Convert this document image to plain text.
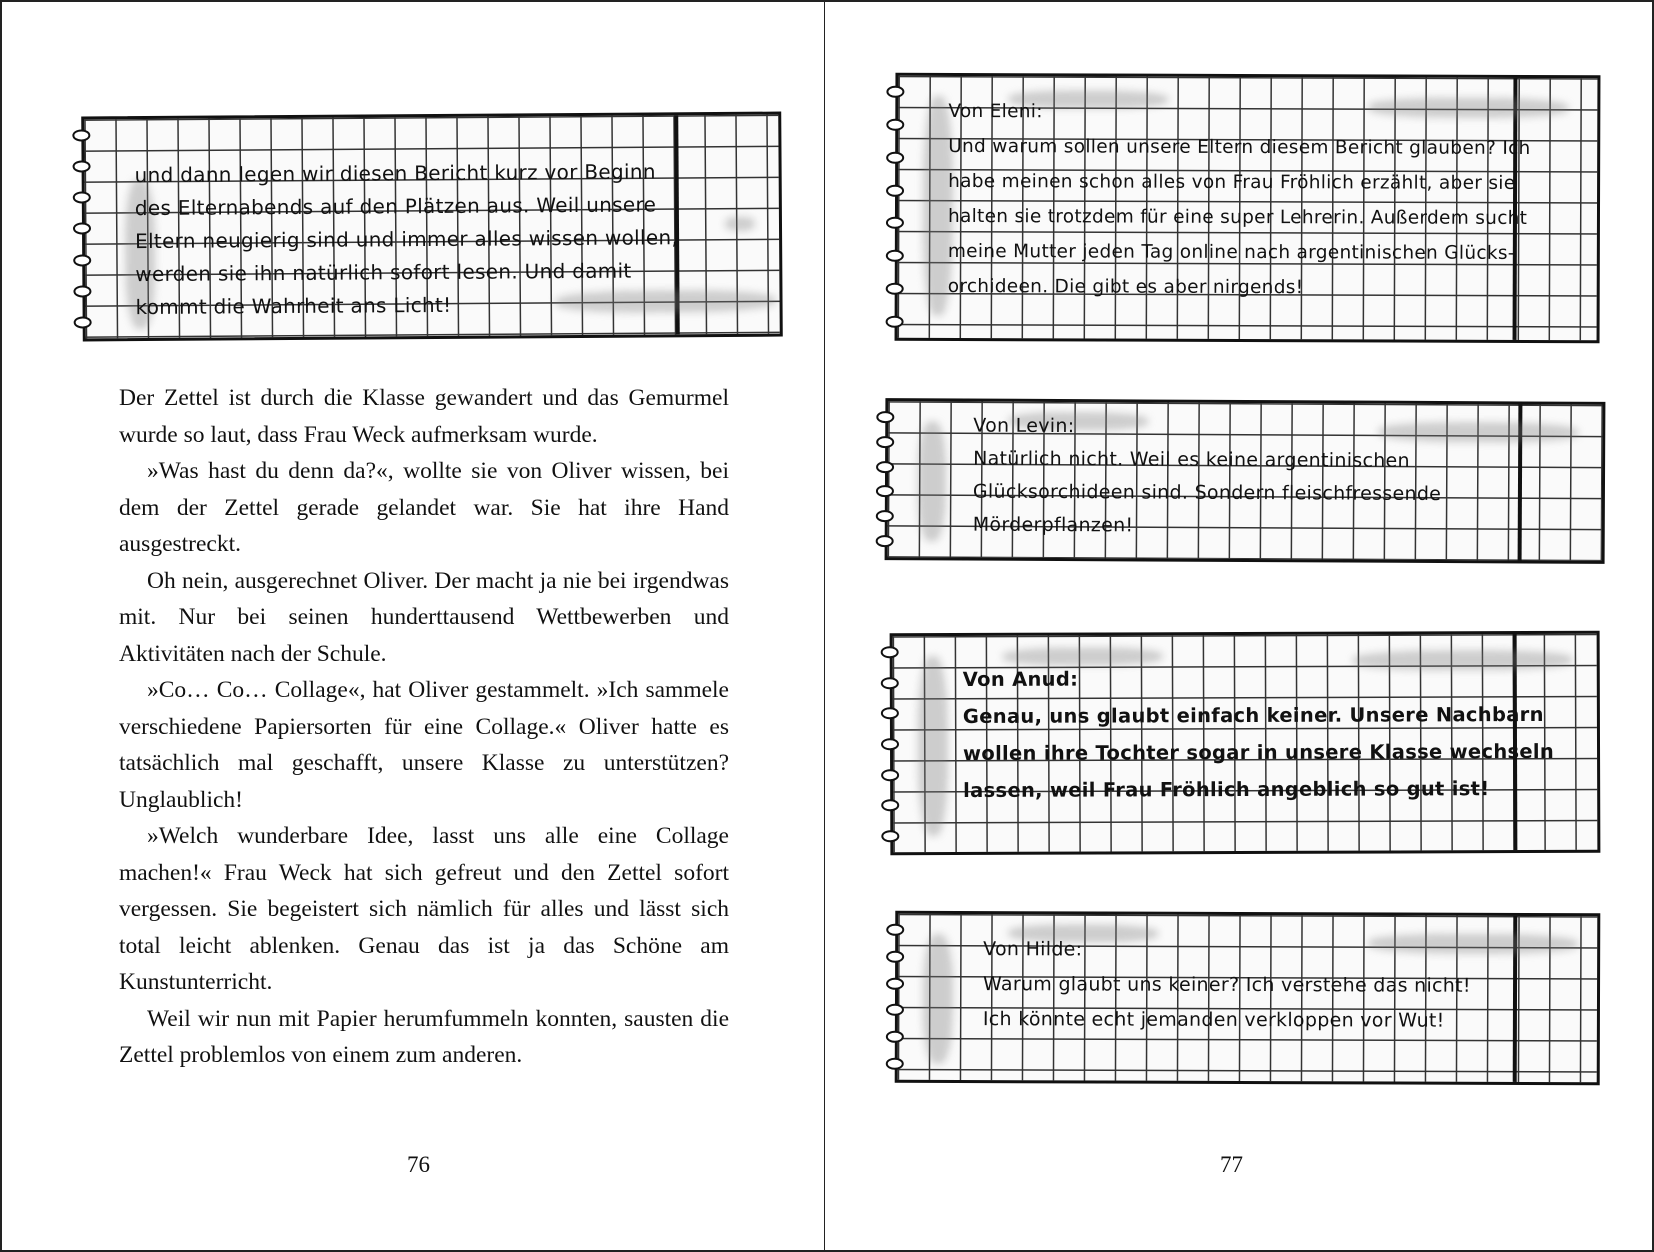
und dann legen wir diesen Bericht kurz vor Beginn
des Elternabends auf den Plätzen aus. Weil unsere
Eltern neugierig sind und immer alles wissen wollen,
werden sie ihn natürlich sofort lesen. Und damit
kommt die Wahrheit ans Licht!

Der Zettel ist durch die Klasse gewandert und das Gemurmel wurde so laut, dass Frau Weck aufmerksam wurde.

»Was hast du denn da?«, wollte sie von Oliver wissen, bei dem der Zettel gerade gelandet war. Sie hat ihre Hand ausgestreckt.

Oh nein, ausgerechnet Oliver. Der macht ja nie bei irgendwas mit. Nur bei seinen hunderttausend Wettbewerben und Aktivitäten nach der Schule.

»Co… Co… Collage«, hat Oliver gestammelt. »Ich sammele verschiedene Papiersorten für eine Collage.« Oliver hatte es tatsächlich mal geschafft, unsere Klasse zu unterstützen? Unglaublich!

»Welch wunderbare Idee, lasst uns alle eine Collage machen!« Frau Weck hat sich gefreut und den Zettel sofort vergessen. Sie begeistert sich nämlich für alles und lässt sich total leicht ablenken. Genau das ist ja das Schöne am Kunstunterricht.

Weil wir nun mit Papier herumfummeln konnten, sausten die Zettel problemlos von einem zum anderen.

76
Von Eleni:
Und warum sollen unsere Eltern diesem Bericht glauben? Ich
habe meinen schon alles von Frau Fröhlich erzählt, aber sie
halten sie trotzdem für eine super Lehrerin. Außerdem sucht
meine Mutter jeden Tag online nach argentinischen Glücks-
orchideen. Die gibt es aber nirgends!
Von Levin:
Natürlich nicht. Weil es keine argentinischen
Glücksorchideen sind. Sondern fleischfressende
Mörderpflanzen!
Von Anud:
Genau, uns glaubt einfach keiner. Unsere Nachbarn
wollen ihre Tochter sogar in unsere Klasse wechseln
lassen, weil Frau Fröhlich angeblich so gut ist!
Von Hilde:
Warum glaubt uns keiner? Ich verstehe das nicht!
Ich könnte echt jemanden verkloppen vor Wut!
77
